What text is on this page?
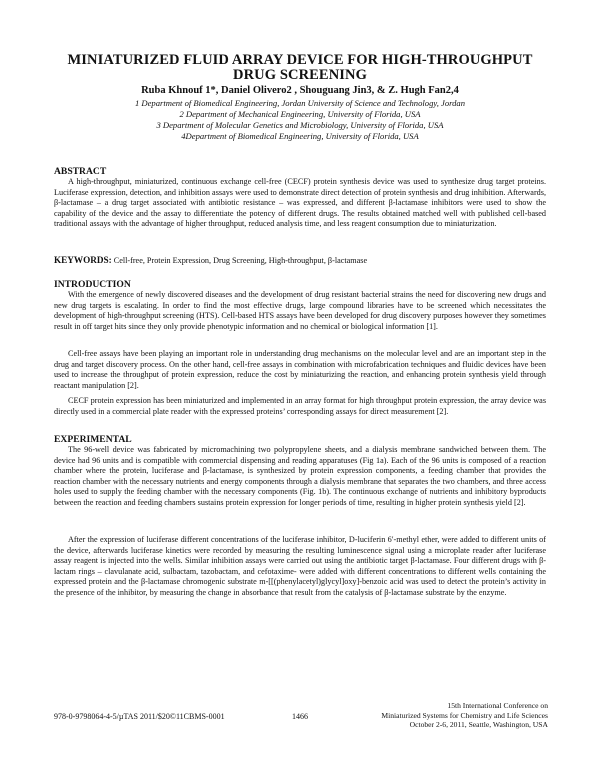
MINIATURIZED FLUID ARRAY DEVICE FOR HIGH-THROUGHPUT
DRUG SCREENING
Ruba Khnouf 1*, Daniel Olivero2 , Shouguang Jin3, & Z. Hugh Fan2,4
1 Department of Biomedical Engineering, Jordan University of Science and Technology, Jordan
2 Department of Mechanical Engineering, University of Florida, USA
3 Department of Molecular Genetics and Microbiology, University of Florida, USA
4Department of Biomedical Engineering, University of Florida, USA
ABSTRACT

A high-throughput, miniaturized, continuous exchange cell-free (CECF) protein synthesis device was used to synthesize drug target proteins. Luciferase expression, detection, and inhibition assays were used to demonstrate direct detection of protein synthesis and drug inhibition. Afterwards, β-lactamase – a drug target associated with antibiotic resistance – was expressed, and different β-lactamase inhibitors were used to show the capability of the device and the assay to differentiate the potency of different drugs. The results obtained matched well with published cell-based traditional assays with the advantage of higher throughput, reduced analysis time, and less reagent consumption due to miniaturization.

KEYWORDS: Cell-free, Protein Expression, Drug Screening, High-throughput, β-lactamase
INTRODUCTION

With the emergence of newly discovered diseases and the development of drug resistant bacterial strains the need for discovering new drugs and new drug targets is escalating. In order to find the most effective drugs, large compound libraries have to be screened which necessitates the development of high-throughput screening (HTS). Cell-based HTS assays have been developed for drug discovery purposes however they sometimes result in off target hits since they only provide phenotypic information and no chemical or biological information [1].

Cell-free assays have been playing an important role in understanding drug mechanisms on the molecular level and are an important step in the drug and target discovery process. On the other hand, cell-free assays in combination with microfabrication techniques and fluidic devices have been used to increase the throughput of protein expression, reduce the cost by miniaturizing the reaction, and enhancing protein synthesis yield through reactant manipulation [2].

CECF protein expression has been miniaturized and implemented in an array format for high throughput protein expression, the array device was directly used in a commercial plate reader with the expressed proteins’ corresponding assays for direct measurement [2].

EXPERIMENTAL

The 96-well device was fabricated by micromachining two polypropylene sheets, and a dialysis membrane sandwiched between them. The device had 96 units and is compatible with commercial dispensing and reading apparatuses (Fig 1a). Each of the 96 units is composed of a reaction chamber where the protein, luciferase and β-lactamase, is synthesized by protein expression components, a feeding chamber that provides the reaction chamber with the necessary nutrients and energy components through a dialysis membrane that separates the two chambers, and three access holes used to supply the feeding chamber with the necessary components (Fig. 1b). The continuous exchange of nutrients and inhibitory byproducts between the reaction and feeding chambers sustains protein expression for longer periods of time, resulting in higher protein synthesis yield [2].

After the expression of luciferase different concentrations of the luciferase inhibitor, D-luciferin 6′-methyl ether, were added to different units of the device, afterwards luciferase kinetics were recorded by measuring the resulting luminescence signal using a microplate reader after luciferase assay reagent is injected into the wells. Similar inhibition assays were carried out using the antibiotic target β-lactamase. Four different drugs with β-lactam rings – clavulanate acid, sulbactam, tazobactam, and cefotaxime- were added with different concentrations to different wells containing the expressed protein and the β-lactamase chromogenic substrate m-[[(phenylacetyl)glycyl]oxy]-benzoic acid was used to detect the protein’s activity in the presence of the inhibitor, by measuring the change in absorbance that result from the catalysis of β-lactamase substrate by the enzyme.

978-0-9798064-4-5/µTAS 2011/$20©11CBMS-0001	1466
15th International Conference on
Miniaturized Systems for Chemistry and Life Sciences
October 2-6, 2011, Seattle, Washington, USA
